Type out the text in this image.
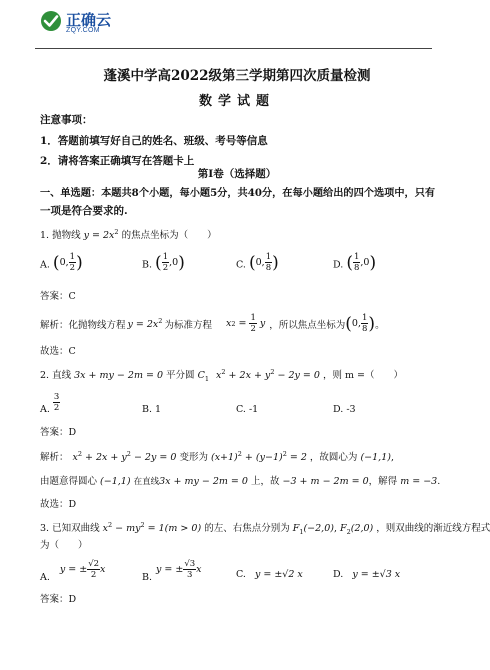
正确云
ZQY.COM
蓬溪中学高2022级第三学期第四次质量检测
数学试题
注意事项：
1．答题前填写好自己的姓名、班级、考号等信息
2．请将答案正确填写在答题卡上
第I卷（选择题）
一、单选题：本题共8个小题，每小题5分，共40分，在每小题给出的四个选项中，只有
一项是符合要求的.
1. 抛物线 $y = 2x^2$ 的焦点坐标为（　　）
A. ( 0, $\frac{1}{2}$ )	B. ( $\frac{1}{2} ,0$ )	C. ( 0, $\frac{1}{8}$ )	D. ( $\frac{1}{8} ,0$ )
答案：C
解析：化抛物线方程 $y = 2x^2$ 为标准方程 x $2 = \frac{1}{2}$ y ，所以焦点坐标为 ( 0, $\frac{1}{8}$ ) 。
故选：C
2. 直线 3x + my − 2m = 0 平分圆 $C_1$ $x^2 + 2x + y^2 - 2y = 0$ ，则 m =（　　）
A. $\frac{3}{2}$	B. 1	C. -1	D. -3
答案：D
解析： $x^2 + 2x + y^2 - 2y = 0$ 变形为 $(x+1)^2 + (y-1)^2 = 2$ ，故圆心为 (−1,1),
由题意得圆心 (−1,1) 在直线3x + my − 2m = 0 上，故 −3 + m − 2m = 0，解得 m = −3.
故选：D
3. 已知双曲线 $x^2 - my^2 = 1(m > 0)$ 的左、右焦点分别为 $F_1(-2,0)$, $F_2(2,0)$ ，则双曲线的渐近线方程式
为（　　）
A.
y = ± $\frac{√2}{2}$ x
B.
y = ± $\frac{√3}{3}$ x	C. y = ±√2 x	D. y = ±√3 x
答案：D
